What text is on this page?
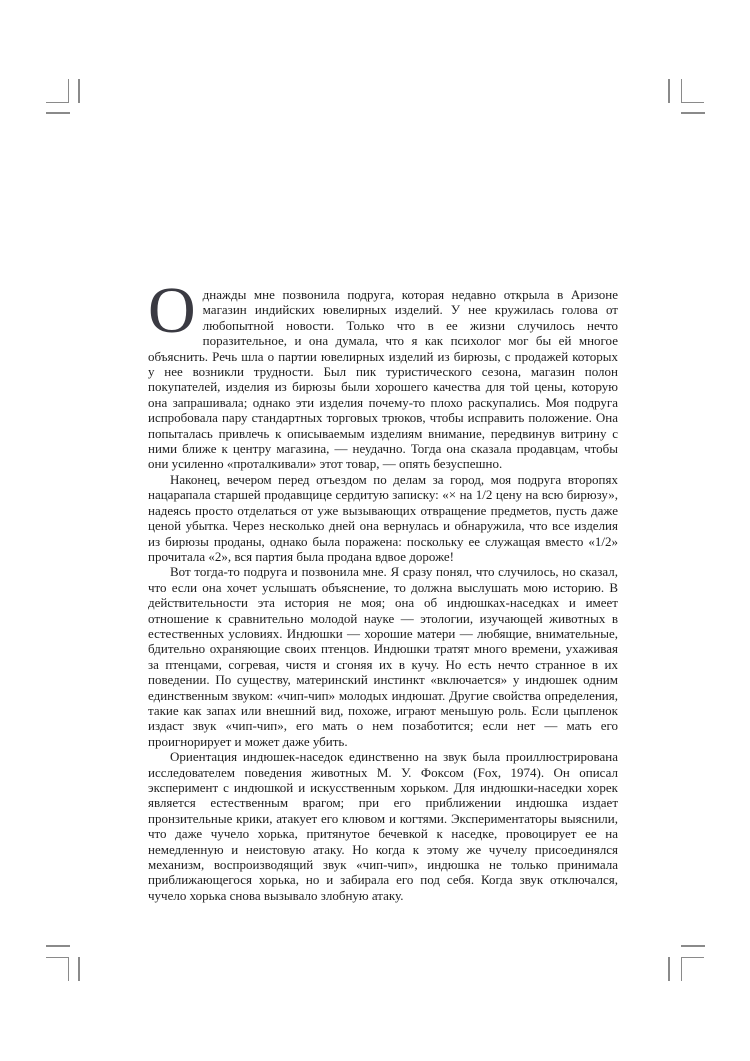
Однажды мне позвонила подруга, которая недавно открыла в Аризоне магазин индийских ювелирных изделий. У нее кружилась голова от любопытной новости. Только что в ее жизни случилось нечто поразительное, и она думала, что я как психолог мог бы ей многое объяснить. Речь шла о партии ювелирных изделий из бирюзы, с продажей которых у нее возникли трудности. Был пик туристического сезона, магазин полон покупателей, изделия из бирюзы были хорошего качества для той цены, которую она запрашивала; однако эти изделия почему-то плохо раскупались. Моя подруга испробовала пару стандартных торговых трюков, чтобы исправить положение. Она попыталась привлечь к описываемым изделиям внимание, передвинув витрину с ними ближе к центру магазина, — неудачно. Тогда она сказала продавцам, чтобы они усиленно «проталкивали» этот товар, — опять безуспешно.

Наконец, вечером перед отъездом по делам за город, моя подруга второпях нацарапала старшей продавщице сердитую записку: «× на 1/2 цену на всю бирюзу», надеясь просто отделаться от уже вызывающих отвращение предметов, пусть даже ценой убытка. Через несколько дней она вернулась и обнаружила, что все изделия из бирюзы проданы, однако была поражена: поскольку ее служащая вместо «1/2» прочитала «2», вся партия была продана вдвое дороже!

Вот тогда-то подруга и позвонила мне. Я сразу понял, что случилось, но сказал, что если она хочет услышать объяснение, то должна выслушать мою историю. В действительности эта история не моя; она об индюшках-наседках и имеет отношение к сравнительно молодой науке — этологии, изучающей животных в естественных условиях. Индюшки — хорошие матери — любящие, внимательные, бдительно охраняющие своих птенцов. Индюшки тратят много времени, ухаживая за птенцами, согревая, чистя и сгоняя их в кучу. Но есть нечто странное в их поведении. По существу, материнский инстинкт «включается» у индюшек одним единственным звуком: «чип-чип» молодых индюшат. Другие свойства определения, такие как запах или внешний вид, похоже, играют меньшую роль. Если цыпленок издаст звук «чип-чип», его мать о нем позаботится; если нет — мать его проигнорирует и может даже убить.

Ориентация индюшек-наседок единственно на звук была проиллюстрирована исследователем поведения животных М. У. Фоксом (Fox, 1974). Он описал эксперимент с индюшкой и искусственным хорьком. Для индюшки-наседки хорек является естественным врагом; при его приближении индюшка издает пронзительные крики, атакует его клювом и когтями. Экспериментаторы выяснили, что даже чучело хорька, притянутое бечевкой к наседке, провоцирует ее на немедленную и неистовую атаку. Но когда к этому же чучелу присоединялся механизм, воспроизводящий звук «чип-чип», индюшка не только принимала приближающегося хорька, но и забирала его под себя. Когда звук отключался, чучело хорька снова вызывало злобную атаку.
